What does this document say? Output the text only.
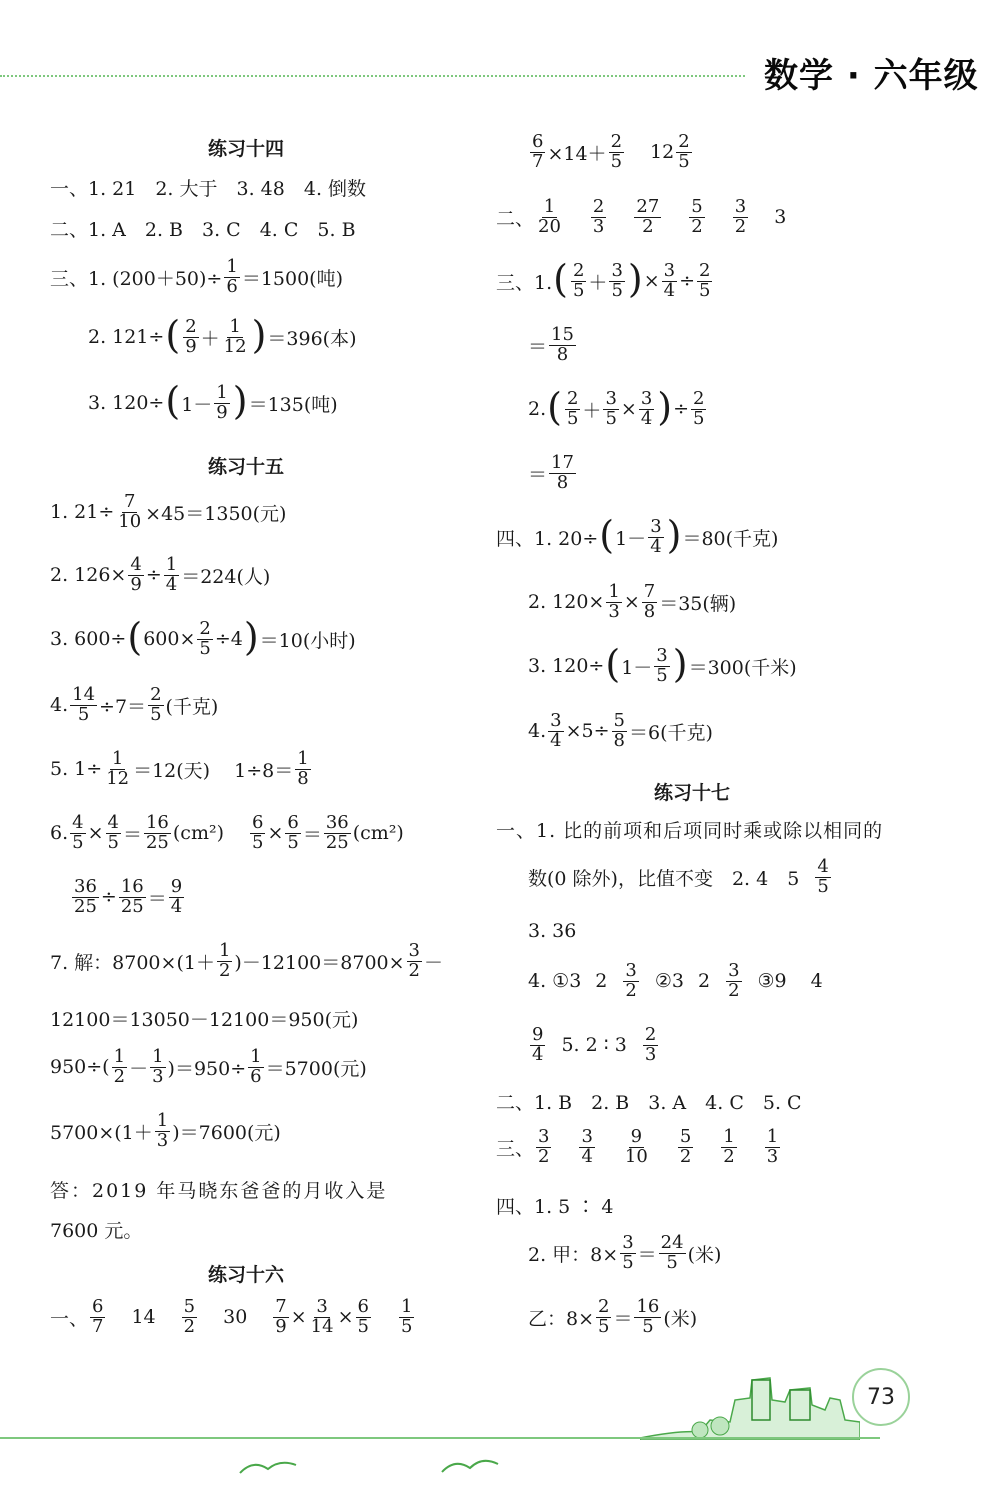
数学 · 六年级
练习十四
一、1. 21　2. 大于　3. 48　4. 倒数
二、1. A　2. B　3. C　4. C　5. B
三、1. $(200+50)\div \frac{1}{6} =1500$(吨)
2. 121÷ ( 2
9 ＋
1
12 ) ＝396(本)
3. 120÷ ( 1－
1
9 ) ＝135(吨)
练习十五
1. $21\div \frac{7}{10} \times 45=1350$(元)
2. $126\times \frac{4}{9} \div \frac{1}{4} =224$(人)
3. 600÷ ( $600\times \frac{2}{5} \div 4$ ) ＝10(小时)
4. $\frac{14}{5} \div 7=$
2
5 (千克)
5. $1\div \frac{1}{12} =12$(天) 1÷8＝
1
8
6. $\frac{4}{5} \times \frac{4}{5}$ ＝
16
25 $(cm^2) \frac{6}{5} \times \frac{6}{5}$ ＝
36
25 (cm²)
$\frac{36}{25} \div \frac{16}{25}$ ＝
9
4
7. 解：8700×(1＋
1
2 )$-12100=8700\times \frac{3}{2}$ －
12100＝13050－12100＝950(元)
950÷( 1
2 －
1
3 )$=950\div \frac{1}{6} =5700$(元)
5700×(1＋
1
3 )＝7600(元)
答：2019 年马晓东爸爸的月收入是
7600 元。
练习十六
一、
6
7 14 5
2 $30 \frac{7}{9} \times \frac{3}{14} \times \frac{6}{5} 1$
5
$\frac{6}{7} \times 14+$
2
5 12 2
5
二、
1
20
2
3
27
2
5
2
3
2 3
三、1. ( 2
5 ＋
3
5 ) × $\frac{3}{4} \div \frac{2}{5}$
＝
15
8
2. ( 2
$5 + \frac{3}{5} \times \frac{3}{4}$ ) ÷ $\frac{2}{5}$
＝
17
8
四、1. 20÷ ( 1－
3
4 ) ＝80(千克)
2. $120\times \frac{1}{3} \times \frac{7}{8} =35$(辆)
3. 120÷ ( 1－
3
5 ) ＝300(千米)
4. $\frac{3}{4} \times 5\div \frac{5}{8} =6$(千克)
练习十七
一、1. 比的前项和后项同时乘或除以相同的
数(0 除外)，比值不变　2. 4　5
4
5
3. 36
4. ①3 2 3
2 ②3 2 3
2 ③9 4
9
4 5. 2 ∶ 3 2
3
二、1. B　2. B　3. A　4. C　5. C
三、
3
2
3
4
9
10
5
2
1
2
1
3
四、1. 5 ∶ 4
2. 甲：$8\times \frac{3}{5}$ ＝
24
5 (米)
乙：$8\times \frac{2}{5}$ ＝
16
5 (米)
73
